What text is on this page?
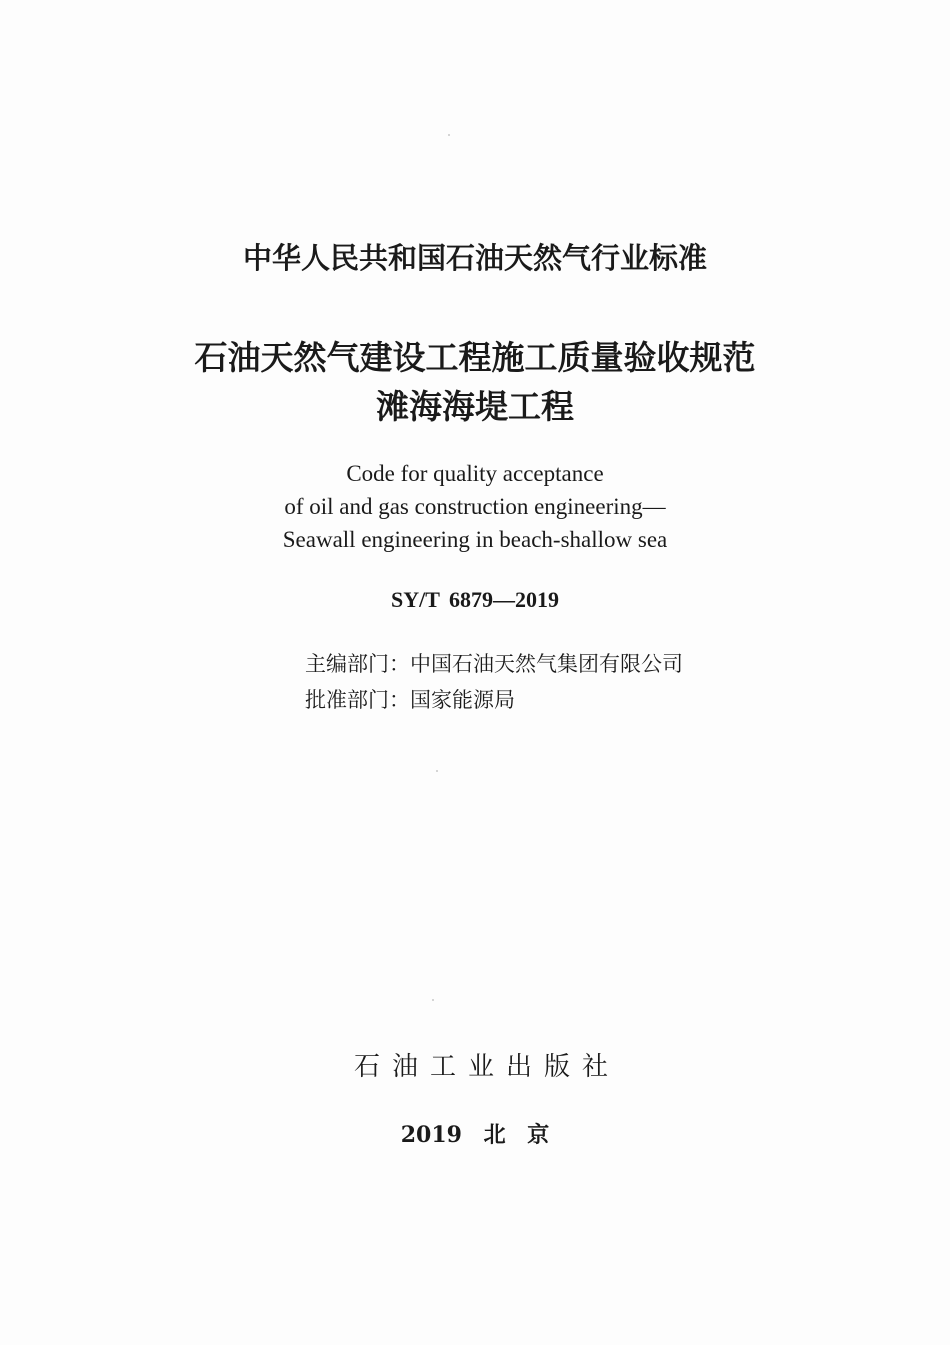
中华人民共和国石油天然气行业标准
石油天然气建设工程施工质量验收规范
滩海海堤工程
Code for quality acceptance
of oil and gas construction engineering—
Seawall engineering in beach-shallow sea
SY/T 6879—2019
主编部门：中国石油天然气集团有限公司
批准部门：国家能源局
石油工业出版社
2019 北 京
